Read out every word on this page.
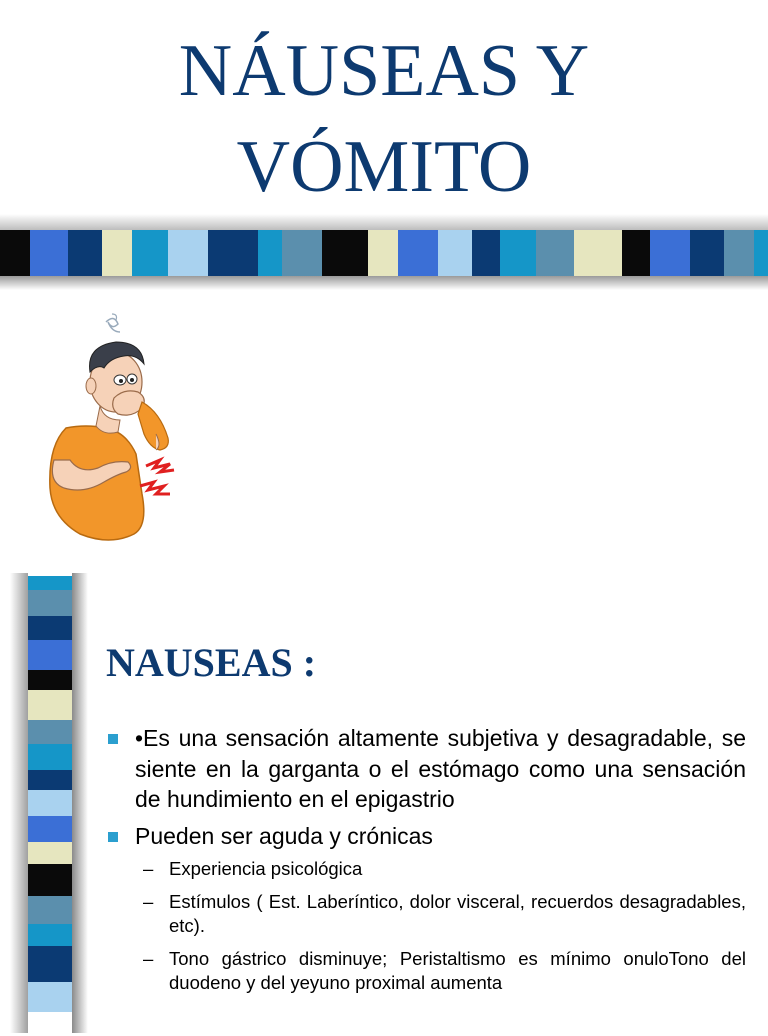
NÁUSEAS Y
VÓMITO
NAUSEAS :
•Es una sensación altamente subjetiva y desagradable, se siente en la garganta o el estómago como una sensación de hundimiento en el epigastrio
Pueden ser aguda y crónicas
– Experiencia psicológica
– Estímulos ( Est. Laberíntico, dolor visceral, recuerdos desagradables, etc).
– Tono gástrico disminuye; Peristaltismo es mínimo onuloTono del duodeno y del yeyuno proximal aumenta
